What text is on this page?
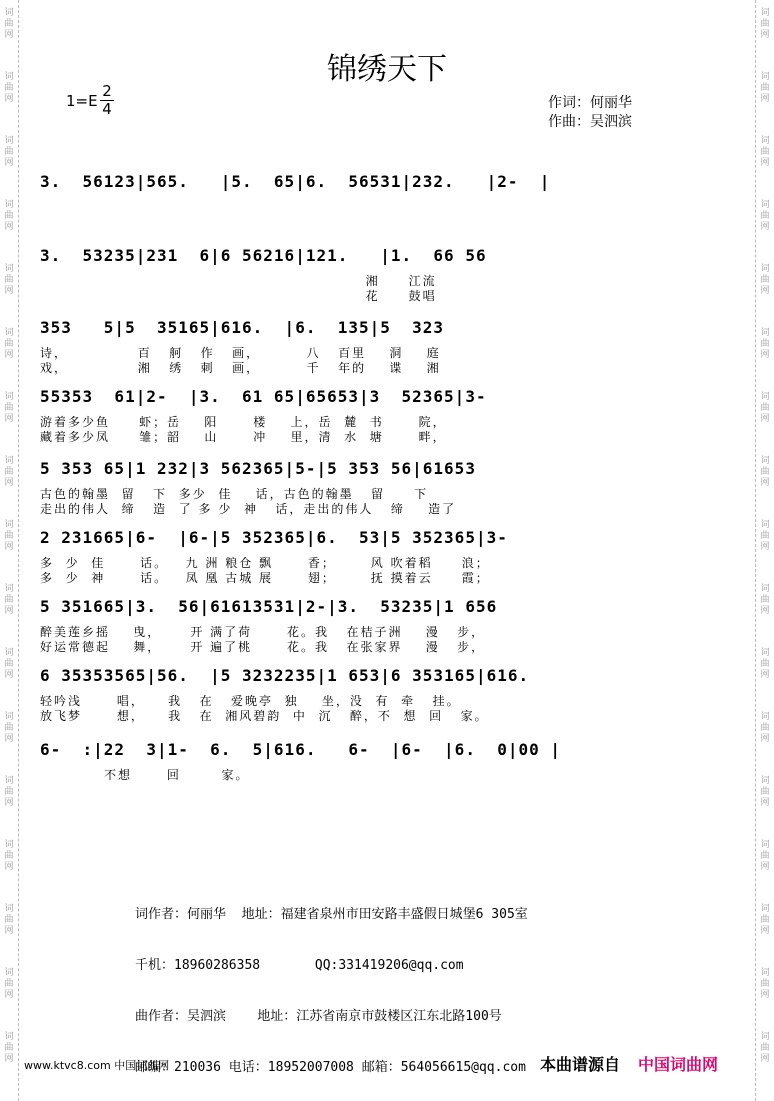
词
曲
网
词
曲
网
词
曲
网
词
曲
网
词
曲
网
词
曲
网
词
曲
网
词
曲
网
词
曲
网
词
曲
网
词
曲
网
词
曲
网
词
曲
网
词
曲
网
词
曲
网
词
曲
网
词
曲
网
词
曲
网
词
曲
网
词
曲
网
词
曲
网
词
曲
网
词
曲
网
词
曲
网
词
曲
网
词
曲
网
词
曲
网
词
曲
网
词
曲
网
词
曲
网
词
曲
网
词
曲
网
词
曲
网
词
曲
网
锦绣天下
1=E
2
4	作词：何丽华
作曲：吴泗滨
3.  56123|565.   |5.  65|6.  56531|232.   |2-  |
3.  53235|231  6|6 56216|121.   |1.  66 56
湘     江流
花     鼓唱
353   5|5  35165|616.  |6.  135|5  323
诗，            百   舸   作   画，        八   百里    洞    庭
戏，            湘   绣   刺   画，        千   年的    谍    湘
55353  61|2-  |3.  61 65|65653|3  52365|3-
游着多少鱼     虾；岳    阳      楼    上，岳  麓  书      院，
藏着多少凤     雏；韶    山      冲    里，清  水  塘      畔，
5 353 65|1 232|3 562365|5-|5 353 56|61653
古色的翰墨  留   下  多少  佳    话，古色的翰墨   留     下
走出的伟人  缔   造  了 多 少  神   话，走出的伟人   缔    造了
2 231665|6-  |6-|5 352365|6.  53|5 352365|3-
多  少  佳      话。   九 洲 粮仓 飘      香；      风 吹着稻     浪；
多  少  神      话。   凤 凰 古城 展      翅；      抚 摸着云     霞；
5 351665|3.  56|61613531|2-|3.  53235|1 656
醉美莲乡摇    曳，     开 满了荷      花。我   在桔子洲    漫   步，
好运常德起    舞，     开 遍了桃      花。我   在张家界    漫   步，
6 35353565|56.  |5 3232235|1 653|6 353165|616.
轻吟浅      唱，    我   在   爱晚亭  独    坐，没  有  牵   挂。
放飞梦      想，    我   在  湘风碧韵  中  沉   醉，不  想  回   家。
6-  :|22  3|1-  6.  5|616.   6-  |6-  |6.  0|00 |
不想      回       家。

词作者：何丽华  地址：福建省泉州市田安路丰盛假日城堡6 305室

千机：18960286358       QQ:331419206@qq.com

曲作者：吴泗滨    地址：江苏省南京市鼓楼区江东北路100号

邮编：210036 电话：18952007008 邮箱：564056615@qq.com

www.ktvc8.com 中国词曲网	本曲谱源自 中国词曲网
